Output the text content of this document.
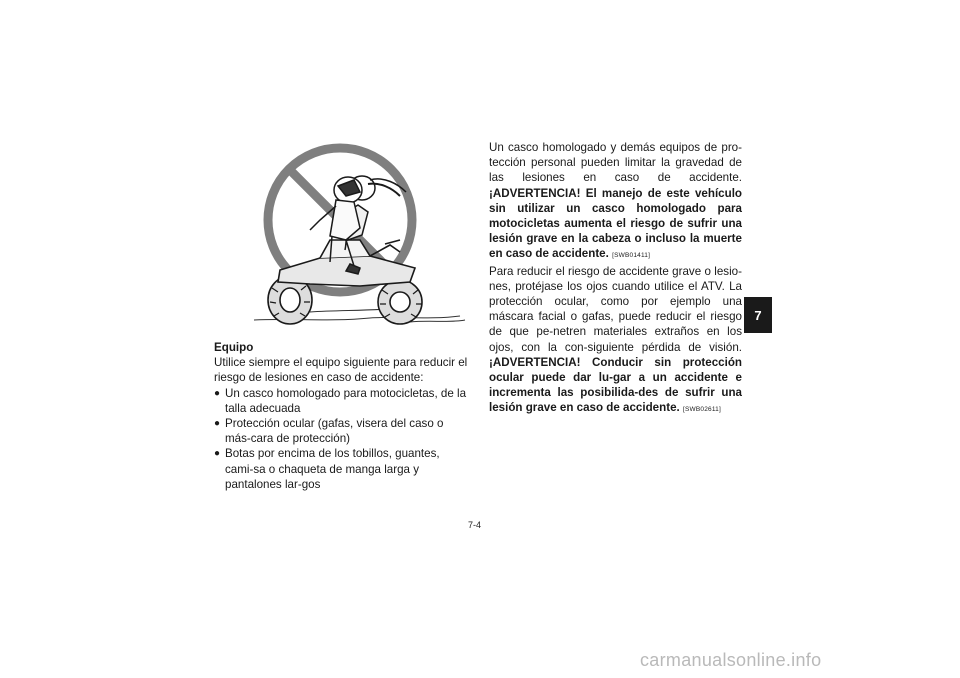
Equipo
Utilice siempre el equipo siguiente para reducir el riesgo de lesiones en caso de accidente:
● Un casco homologado para motocicletas, de la talla adecuada
● Protección ocular (gafas, visera del caso o más-cara de protección)
● Botas por encima de los tobillos, guantes, cami-sa o chaqueta de manga larga y pantalones lar-gos

Un casco homologado y demás equipos de pro-tección personal pueden limitar la gravedad de las lesiones en caso de accidente. ¡ADVERTENCIA! El manejo de este vehículo sin utilizar un casco homologado para motocicletas aumenta el riesgo de sufrir una lesión grave en la cabeza o incluso la muerte en caso de accidente. [SWB01411]

Para reducir el riesgo de accidente grave o lesio-nes, protéjase los ojos cuando utilice el ATV. La protección ocular, como por ejemplo una máscara facial o gafas, puede reducir el riesgo de que pe-netren materiales extraños en los ojos, con la con-siguiente pérdida de visión. ¡ADVERTENCIA! Conducir sin protección ocular puede dar lu-gar a un accidente e incrementa las posibilida-des de sufrir una lesión grave en caso de accidente. [SWB02611]

7
7-4
carmanualsonline.info
